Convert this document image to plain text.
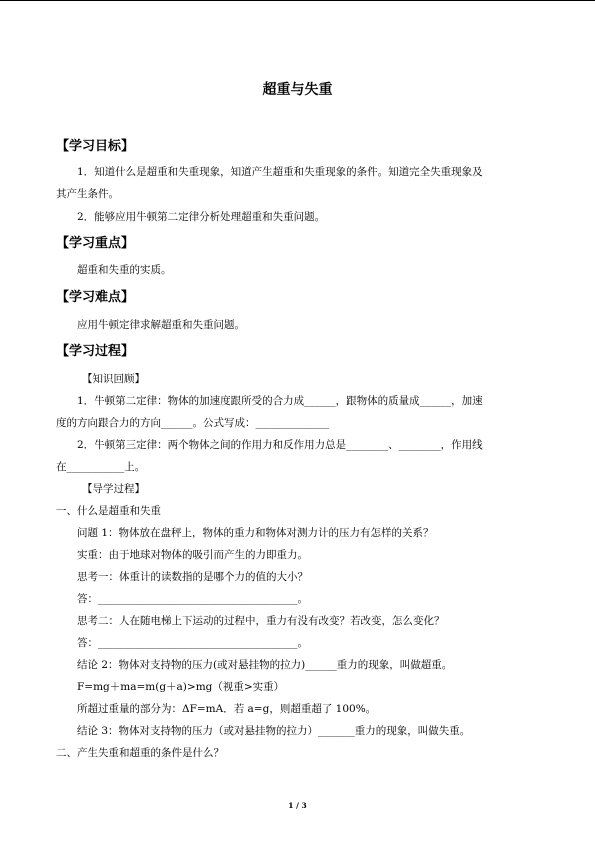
超重与失重
【学习目标】
1．知道什么是超重和失重现象，知道产生超重和失重现象的条件。知道完全失重现象及
其产生条件。
2．能够应用牛顿第二定律分析处理超重和失重问题。
【学习重点】
超重和失重的实质。
【学习难点】
应用牛顿定律求解超重和失重问题。
【学习过程】
【知识回顾】
1．牛顿第二定律：物体的加速度跟所受的合力成______，跟物体的质量成______，加速
度的方向跟合力的方向______。公式写成：______________
2．牛顿第三定律：两个物体之间的作用力和反作用力总是________、________，作用线
在___________上。
【导学过程】
一、什么是超重和失重
问题 1：物体放在盘秤上，物体的重力和物体对测力计的压力有怎样的关系？
实重：由于地球对物体的吸引而产生的力即重力。
思考一：体重计的读数指的是哪个力的值的大小？
答：______________________________________。
思考二：人在随电梯上下运动的过程中，重力有没有改变？若改变，怎么变化？
答：______________________________________。
结论 2：物体对支持物的压力(或对悬挂物的拉力)______重力的现象，叫做超重。
F=mg＋ma=m(g＋a)>mg（视重>实重）
所超过重量的部分为：ΔF=mA．若 a=g，则超重超了 100%。
结论 3：物体对支持物的压力（或对悬挂物的拉力）_______重力的现象，叫做失重。
二、产生失重和超重的条件是什么？
1 / 3
